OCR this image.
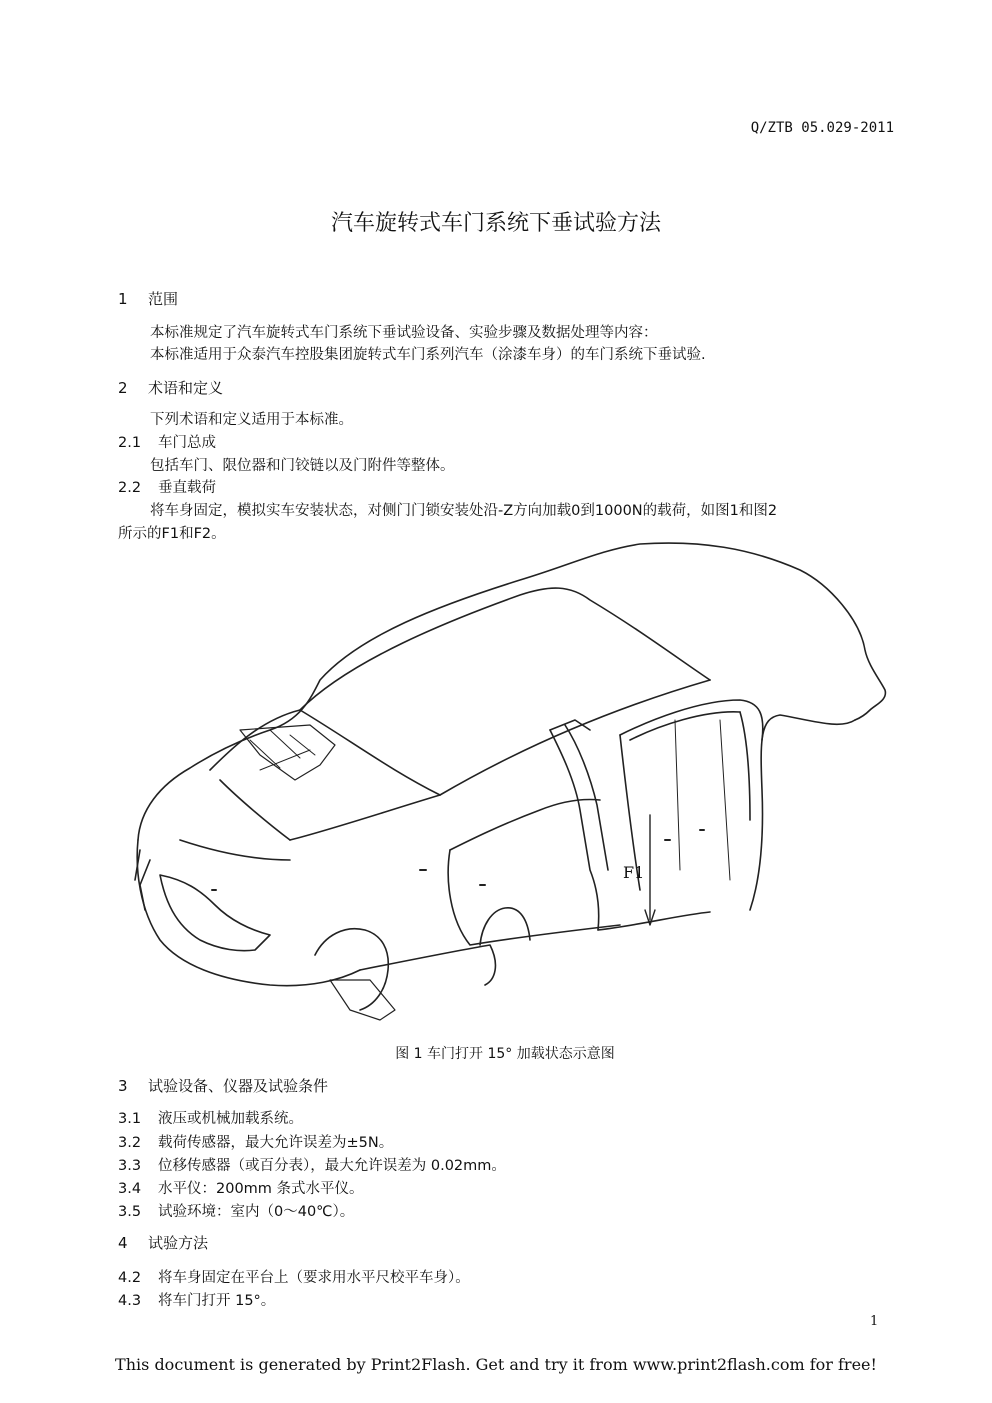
Q/ZTB 05.029-2011
汽车旋转式车门系统下垂试验方法
1 范围
本标准规定了汽车旋转式车门系统下垂试验设备、实验步骤及数据处理等内容：
本标准适用于众泰汽车控股集团旋转式车门系列汽车（涂漆车身）的车门系统下垂试验.
2 术语和定义
下列术语和定义适用于本标准。
2.1 车门总成
包括车门、限位器和门铰链以及门附件等整体。
2.2 垂直载荷
将车身固定，模拟实车安装状态，对侧门门锁安装处沿-Z方向加载0到1000N的载荷，如图1和图2
所示的F1和F2。
F1
图 1 车门打开 15° 加载状态示意图
3 试验设备、仪器及试验条件
3.1 液压或机械加载系统。
3.2 载荷传感器，最大允许误差为±5N。
3.3 位移传感器（或百分表），最大允许误差为 0.02mm。
3.4 水平仪：200mm 条式水平仪。
3.5 试验环境：室内（0～40℃）。
4 试验方法
4.2 将车身固定在平台上（要求用水平尺校平车身）。
4.3 将车门打开 15°。
1
This document is generated by Print2Flash. Get and try it from www.print2flash.com for free!
